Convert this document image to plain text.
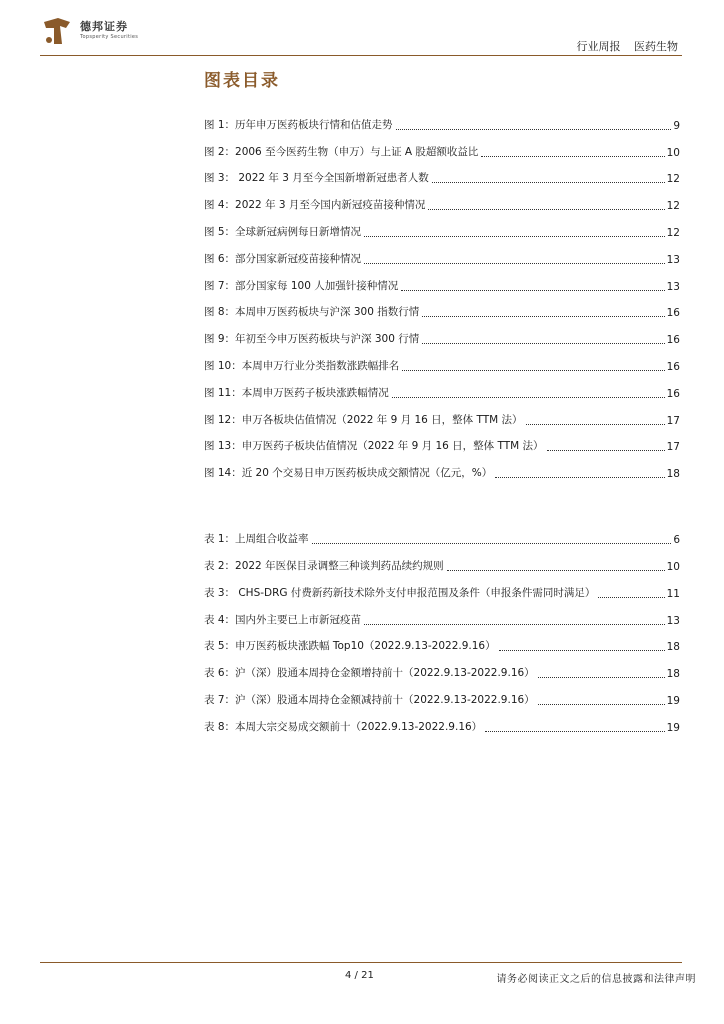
德邦证券
Topsperity Securities
行业周报 医药生物
图表目录
图 1：历年申万医药板块行情和估值走势	9
图 2：2006 至今医药生物（申万）与上证 A 股超额收益比	10
图 3： 2022 年 3 月至今全国新增新冠患者人数	12
图 4：2022 年 3 月至今国内新冠疫苗接种情况	12
图 5：全球新冠病例每日新增情况	12
图 6：部分国家新冠疫苗接种情况	13
图 7：部分国家每 100 人加强针接种情况	13
图 8：本周申万医药板块与沪深 300 指数行情	16
图 9：年初至今申万医药板块与沪深 300 行情	16
图 10：本周申万行业分类指数涨跌幅排名	16
图 11：本周申万医药子板块涨跌幅情况	16
图 12：申万各板块估值情况（2022 年 9 月 16 日，整体 TTM 法）	17
图 13：申万医药子板块估值情况（2022 年 9 月 16 日，整体 TTM 法）	17
图 14：近 20 个交易日申万医药板块成交额情况（亿元，%）	18
表 1：上周组合收益率	6
表 2：2022 年医保目录调整三种谈判药品续约规则	10
表 3： CHS-DRG 付费新药新技术除外支付申报范围及条件（申报条件需同时满足）	11
表 4：国内外主要已上市新冠疫苗	13
表 5：申万医药板块涨跌幅 Top10（2022.9.13-2022.9.16）	18
表 6：沪（深）股通本周持仓金额增持前十（2022.9.13-2022.9.16）	18
表 7：沪（深）股通本周持仓金额减持前十（2022.9.13-2022.9.16）	19
表 8：本周大宗交易成交额前十（2022.9.13-2022.9.16）	19
4 / 21	请务必阅读正文之后的信息披露和法律声明
